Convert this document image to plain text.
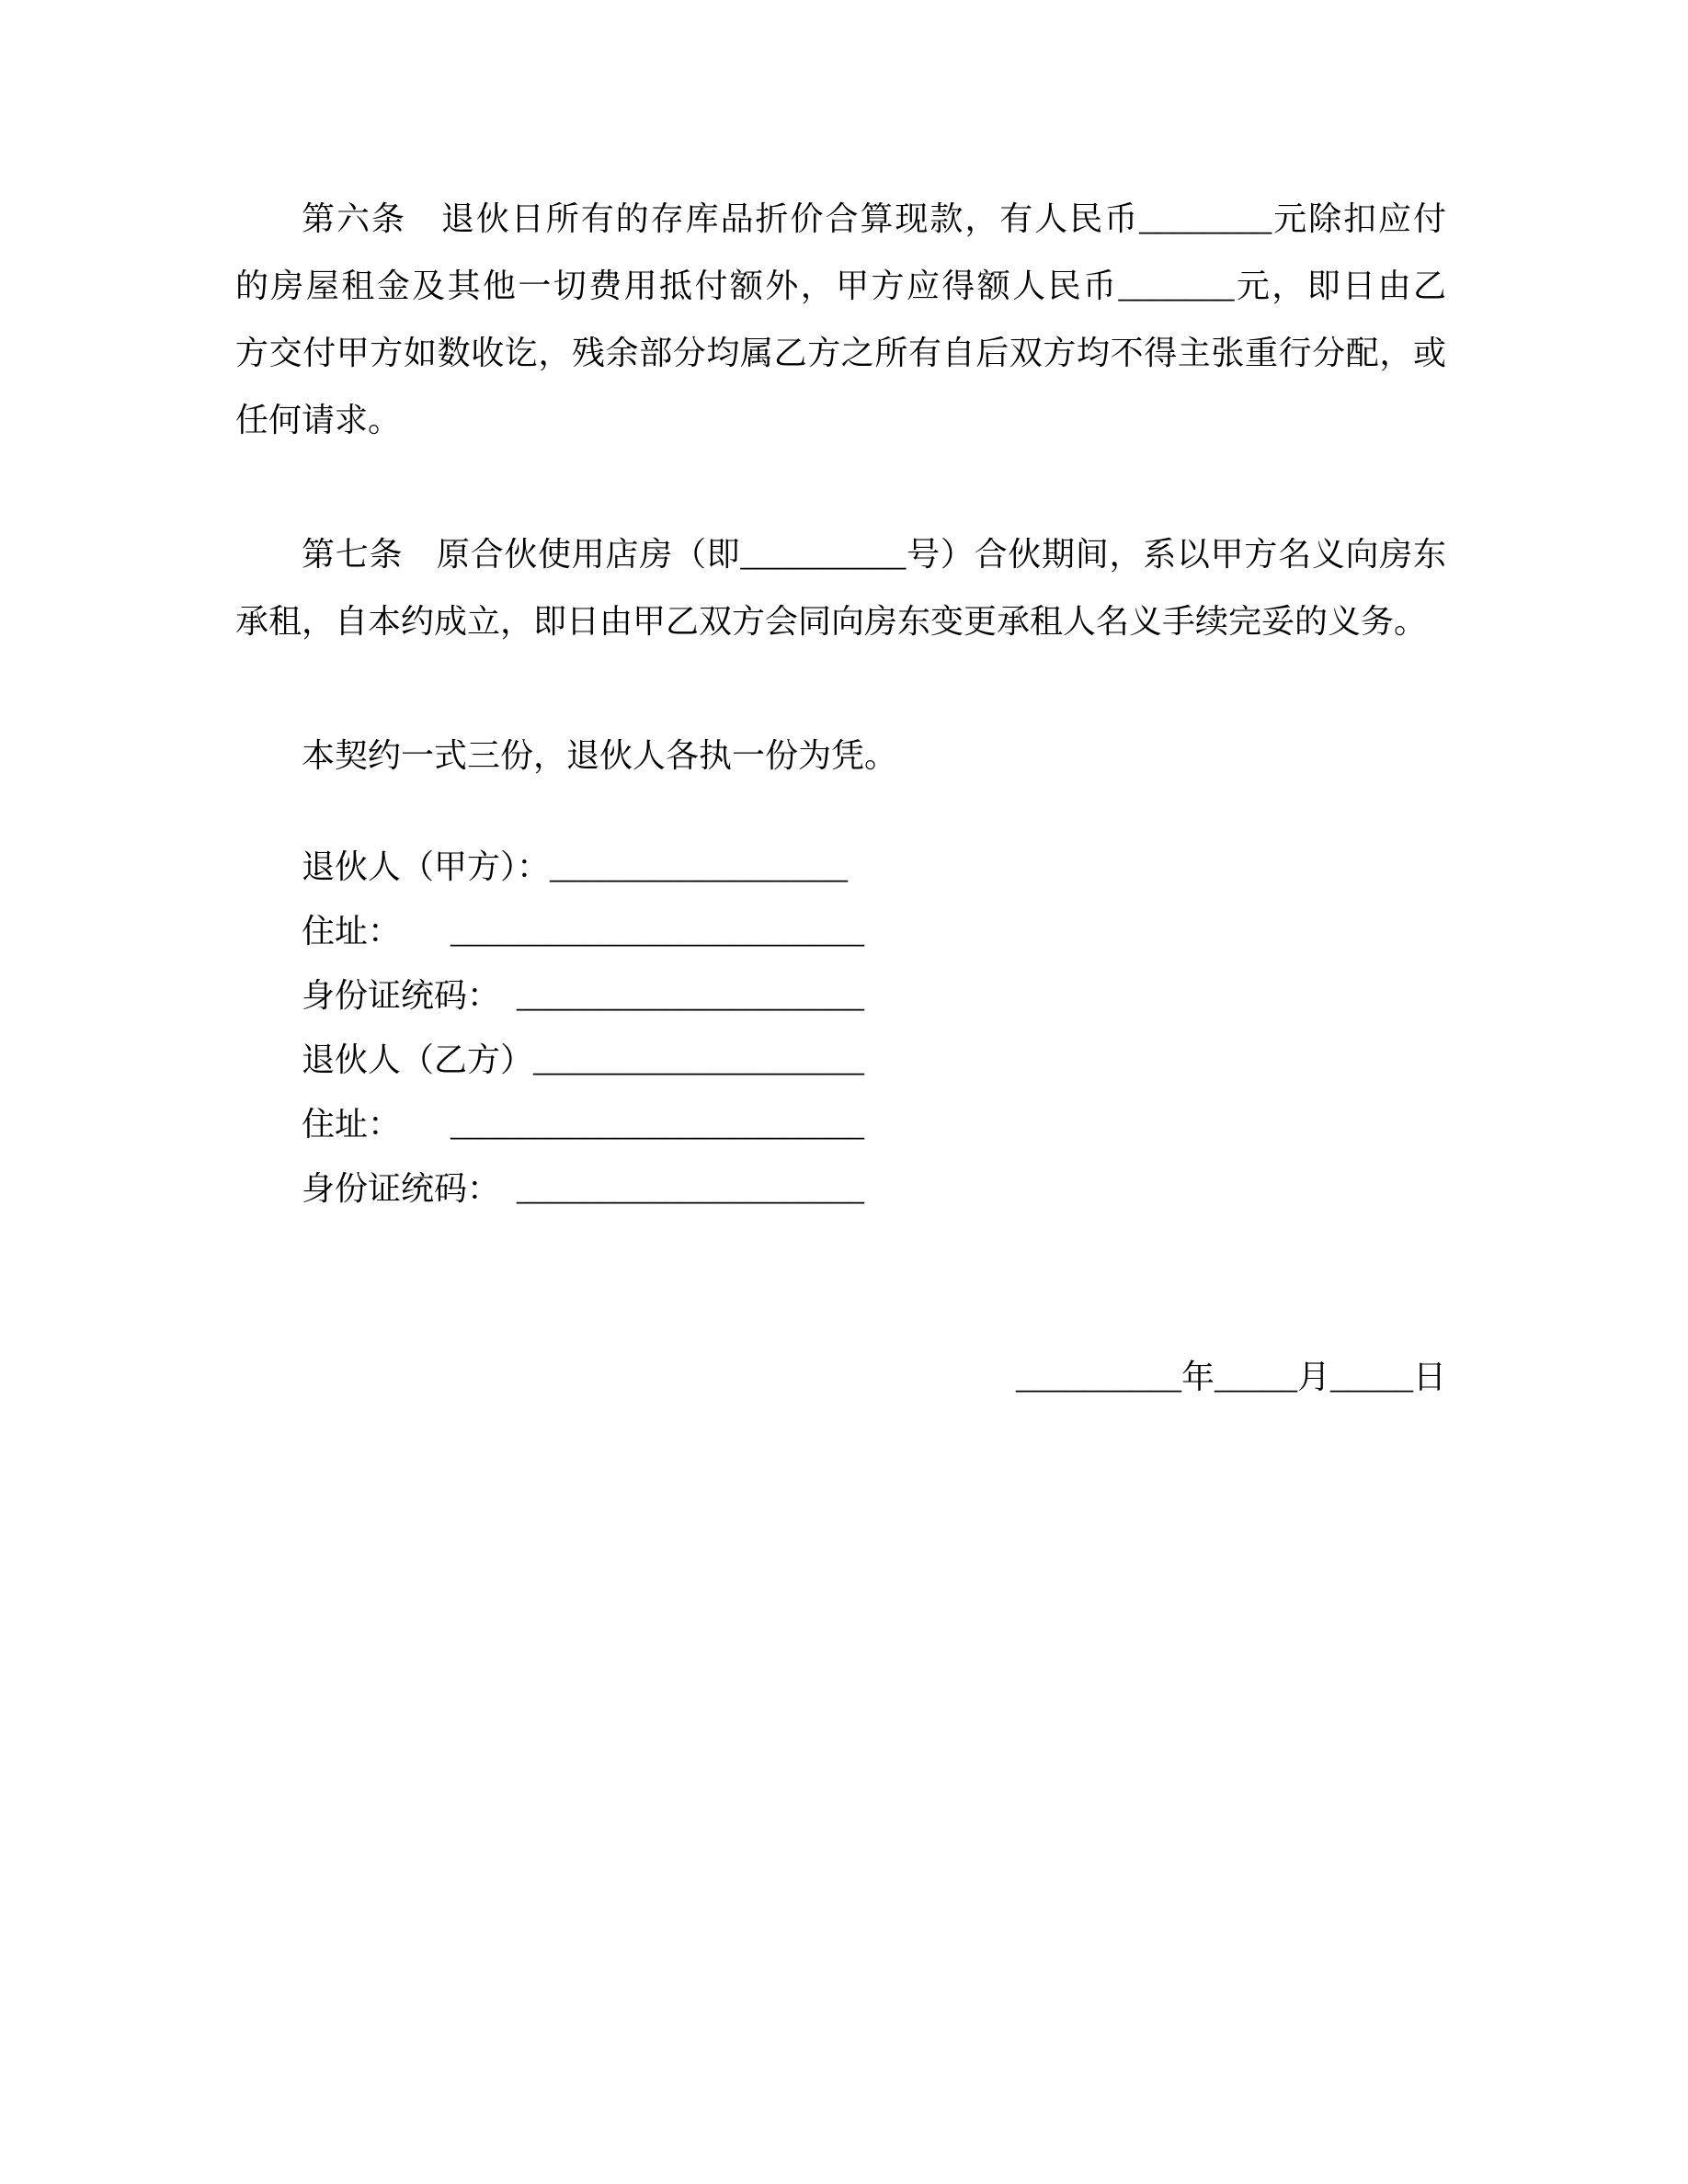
第六条　退伙日所有的存库品折价合算现款，有人民币________元除扣应付
的房屋租金及其他一切费用抵付额外，甲方应得额人民币_______元，即日由乙
方交付甲方如数收讫，残余部分均属乙方之所有自后双方均不得主张重行分配，或
任何请求。
第七条　原合伙使用店房（即__________号）合伙期间，系以甲方名义向房东
承租，自本约成立，即日由甲乙双方会同向房东变更承租人名义手续完妥的义务。
本契约一式三份，退伙人各执一份为凭。
退伙人（甲方）：__________________
住址：　　_________________________
身份证统码：　_____________________
退伙人（乙方）____________________
住址：　　_________________________
身份证统码：　_____________________
__________年_____月_____日
